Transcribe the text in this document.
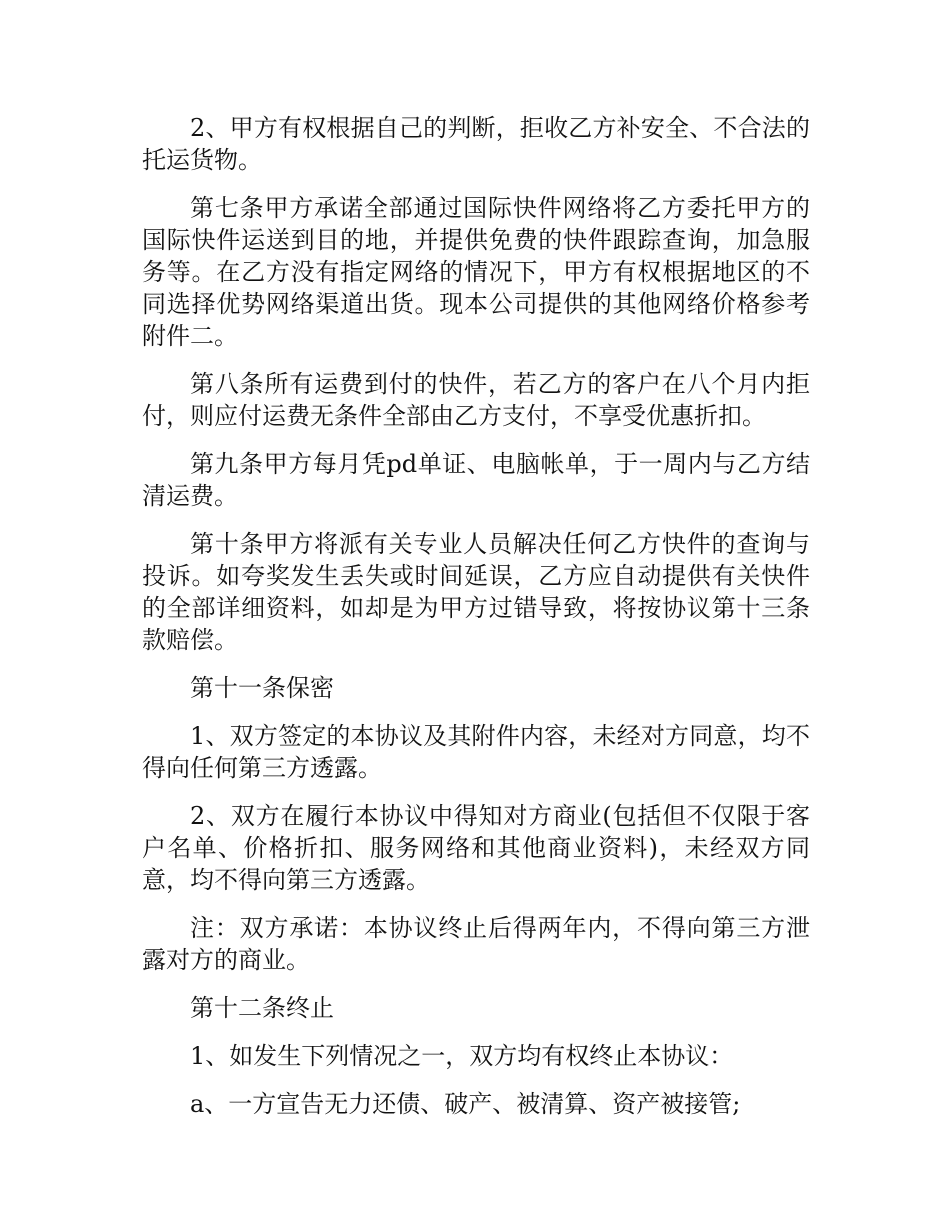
2、甲方有权根据自己的判断，拒收乙方补安全、不合法的托运货物。

第七条甲方承诺全部通过国际快件网络将乙方委托甲方的国际快件运送到目的地，并提供免费的快件跟踪查询，加急服务等。在乙方没有指定网络的情况下，甲方有权根据地区的不同选择优势网络渠道出货。现本公司提供的其他网络价格参考附件二。

第八条所有运费到付的快件，若乙方的客户在八个月内拒付，则应付运费无条件全部由乙方支付，不享受优惠折扣。

第九条甲方每月凭pd单证、电脑帐单，于一周内与乙方结清运费。

第十条甲方将派有关专业人员解决任何乙方快件的查询与投诉。如夸奖发生丢失或时间延误，乙方应自动提供有关快件的全部详细资料，如却是为甲方过错导致，将按协议第十三条款赔偿。

第十一条保密

1、双方签定的本协议及其附件内容，未经对方同意，均不得向任何第三方透露。

2、双方在履行本协议中得知对方商业(包括但不仅限于客户名单、价格折扣、服务网络和其他商业资料)，未经双方同意，均不得向第三方透露。

注：双方承诺：本协议终止后得两年内，不得向第三方泄露对方的商业。

第十二条终止

1、如发生下列情况之一，双方均有权终止本协议：

a、一方宣告无力还债、破产、被清算、资产被接管;
